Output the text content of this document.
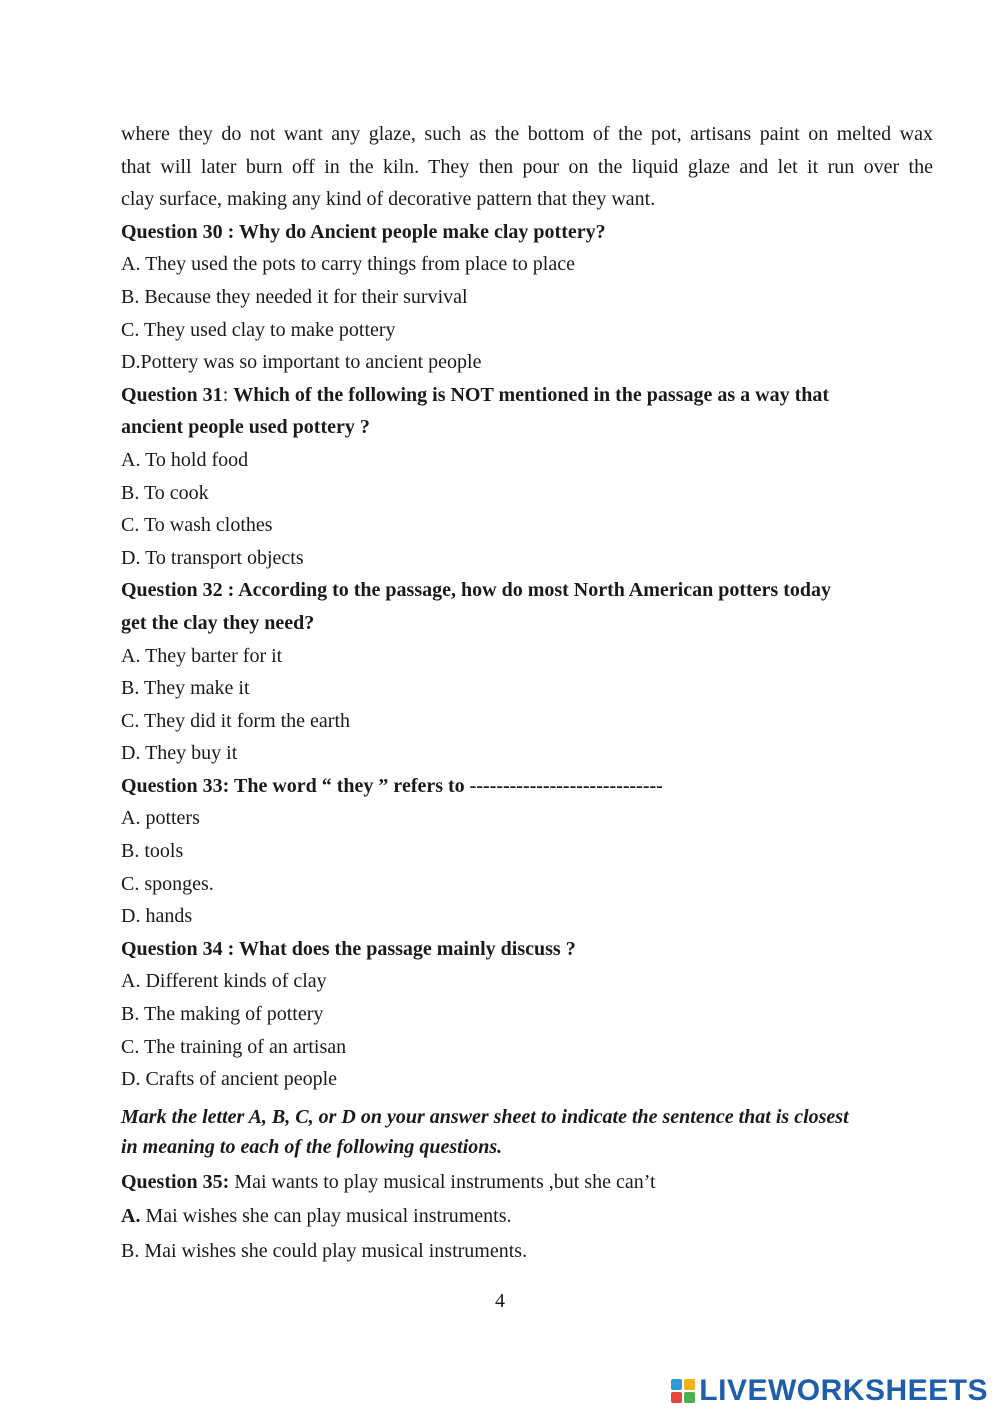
where they do not want any glaze, such as the bottom of the pot, artisans paint on melted wax
that will later burn off in the kiln. They then pour on the liquid glaze and let it run over the
clay surface, making any kind of decorative pattern that they want.
Question 30 : Why do Ancient people make clay pottery?
A. They used the pots to carry things from place to place
B. Because they needed it for their survival
C. They used clay to make pottery
D.Pottery was so important to ancient people
Question 31: Which of the following is NOT mentioned in the passage as a way that
ancient people used pottery ?
A. To hold food
B. To cook
C. To wash clothes
D. To transport objects
Question 32 : According to the passage, how do most North American potters today
get the clay they need?
A. They barter for it
B. They make it
C. They did it form the earth
D. They buy it
Question 33: The word “ they ” refers to -----------------------------
A. potters
B. tools
C. sponges.
D. hands
Question 34 : What does the passage mainly discuss ?
A. Different kinds of clay
B. The making of pottery
C. The training of an artisan
D. Crafts of ancient people
Mark the letter A, B, C, or D on your answer sheet to indicate the sentence that is closest
in meaning to each of the following questions.
Question 35: Mai wants to play musical instruments ,but she can’t
A. Mai wishes she can play musical instruments.
B. Mai wishes she could play musical instruments.
4
LIVEWORKSHEETS
